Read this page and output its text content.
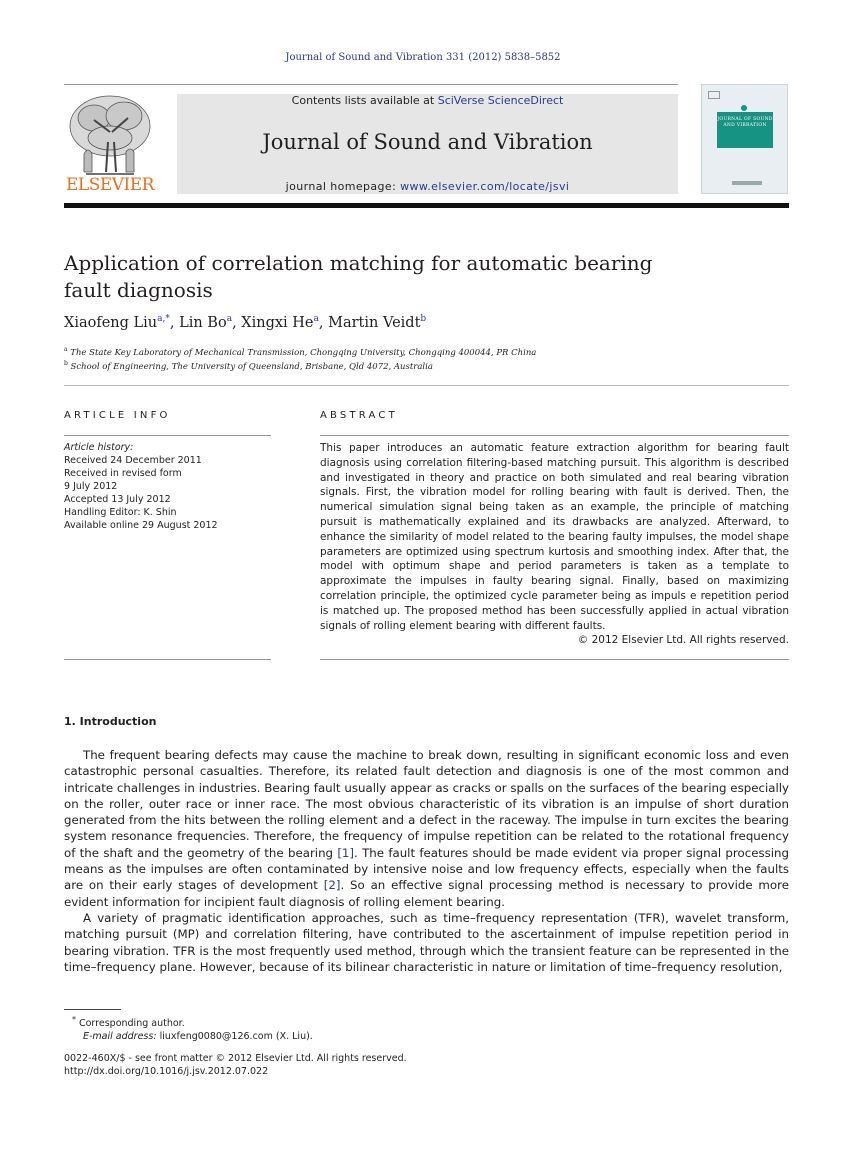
Journal of Sound and Vibration 331 (2012) 5838–5852
ELSEVIER
Contents lists available at SciVerse ScienceDirect
Journal of Sound and Vibration
journal homepage: www.elsevier.com/locate/jsvi
JOURNAL OF SOUND AND VIBRATION
Application of correlation matching for automatic bearing fault diagnosis
Xiaofeng Liu$^{a,*}$, Lin Bo$^a$, Xingxi He$^a$, Martin Veidt$^b$
$^a$ The State Key Laboratory of Mechanical Transmission, Chongqing University, Chongqing 400044, PR China
$^b$ School of Engineering, The University of Queensland, Brisbane, Qld 4072, Australia
ARTICLE INFO	ABSTRACT
Article history:
Received 24 December 2011
Received in revised form
9 July 2012
Accepted 13 July 2012
Handling Editor: K. Shin
Available online 29 August 2012
This paper introduces an automatic feature extraction algorithm for bearing fault diagnosis using correlation filtering-based matching pursuit. This algorithm is described and investigated in theory and practice on both simulated and real bearing vibration signals. First, the vibration model for rolling bearing with fault is derived. Then, the numerical simulation signal being taken as an example, the principle of matching pursuit is mathematically explained and its drawbacks are analyzed. Afterward, to enhance the similarity of model related to the bearing faulty impulses, the model shape parameters are optimized using spectrum kurtosis and smoothing index. After that, the model with optimum shape and period parameters is taken as a template to approximate the impulses in faulty bearing signal. Finally, based on maximizing correlation principle, the optimized cycle parameter being as impuls e repetition period is matched up. The proposed method has been successfully applied in actual vibration signals of rolling element bearing with different faults.
© 2012 Elsevier Ltd. All rights reserved.
1. Introduction

The frequent bearing defects may cause the machine to break down, resulting in significant economic loss and even catastrophic personal casualties. Therefore, its related fault detection and diagnosis is one of the most common and intricate challenges in industries. Bearing fault usually appear as cracks or spalls on the surfaces of the bearing especially on the roller, outer race or inner race. The most obvious characteristic of its vibration is an impulse of short duration generated from the hits between the rolling element and a defect in the raceway. The impulse in turn excites the bearing system resonance frequencies. Therefore, the frequency of impulse repetition can be related to the rotational frequency of the shaft and the geometry of the bearing [1]. The fault features should be made evident via proper signal processing means as the impulses are often contaminated by intensive noise and low frequency effects, especially when the faults are on their early stages of development [2]. So an effective signal processing method is necessary to provide more evident information for incipient fault diagnosis of rolling element bearing.

A variety of pragmatic identification approaches, such as time–frequency representation (TFR), wavelet transform, matching pursuit (MP) and correlation filtering, have contributed to the ascertainment of impulse repetition period in bearing vibration. TFR is the most frequently used method, through which the transient feature can be represented in the time–frequency plane. However, because of its bilinear characteristic in nature or limitation of time–frequency resolution,

* Corresponding author.
E-mail address: liuxfeng0080@126.com (X. Liu).
0022-460X/$ - see front matter © 2012 Elsevier Ltd. All rights reserved.
http://dx.doi.org/10.1016/j.jsv.2012.07.022
